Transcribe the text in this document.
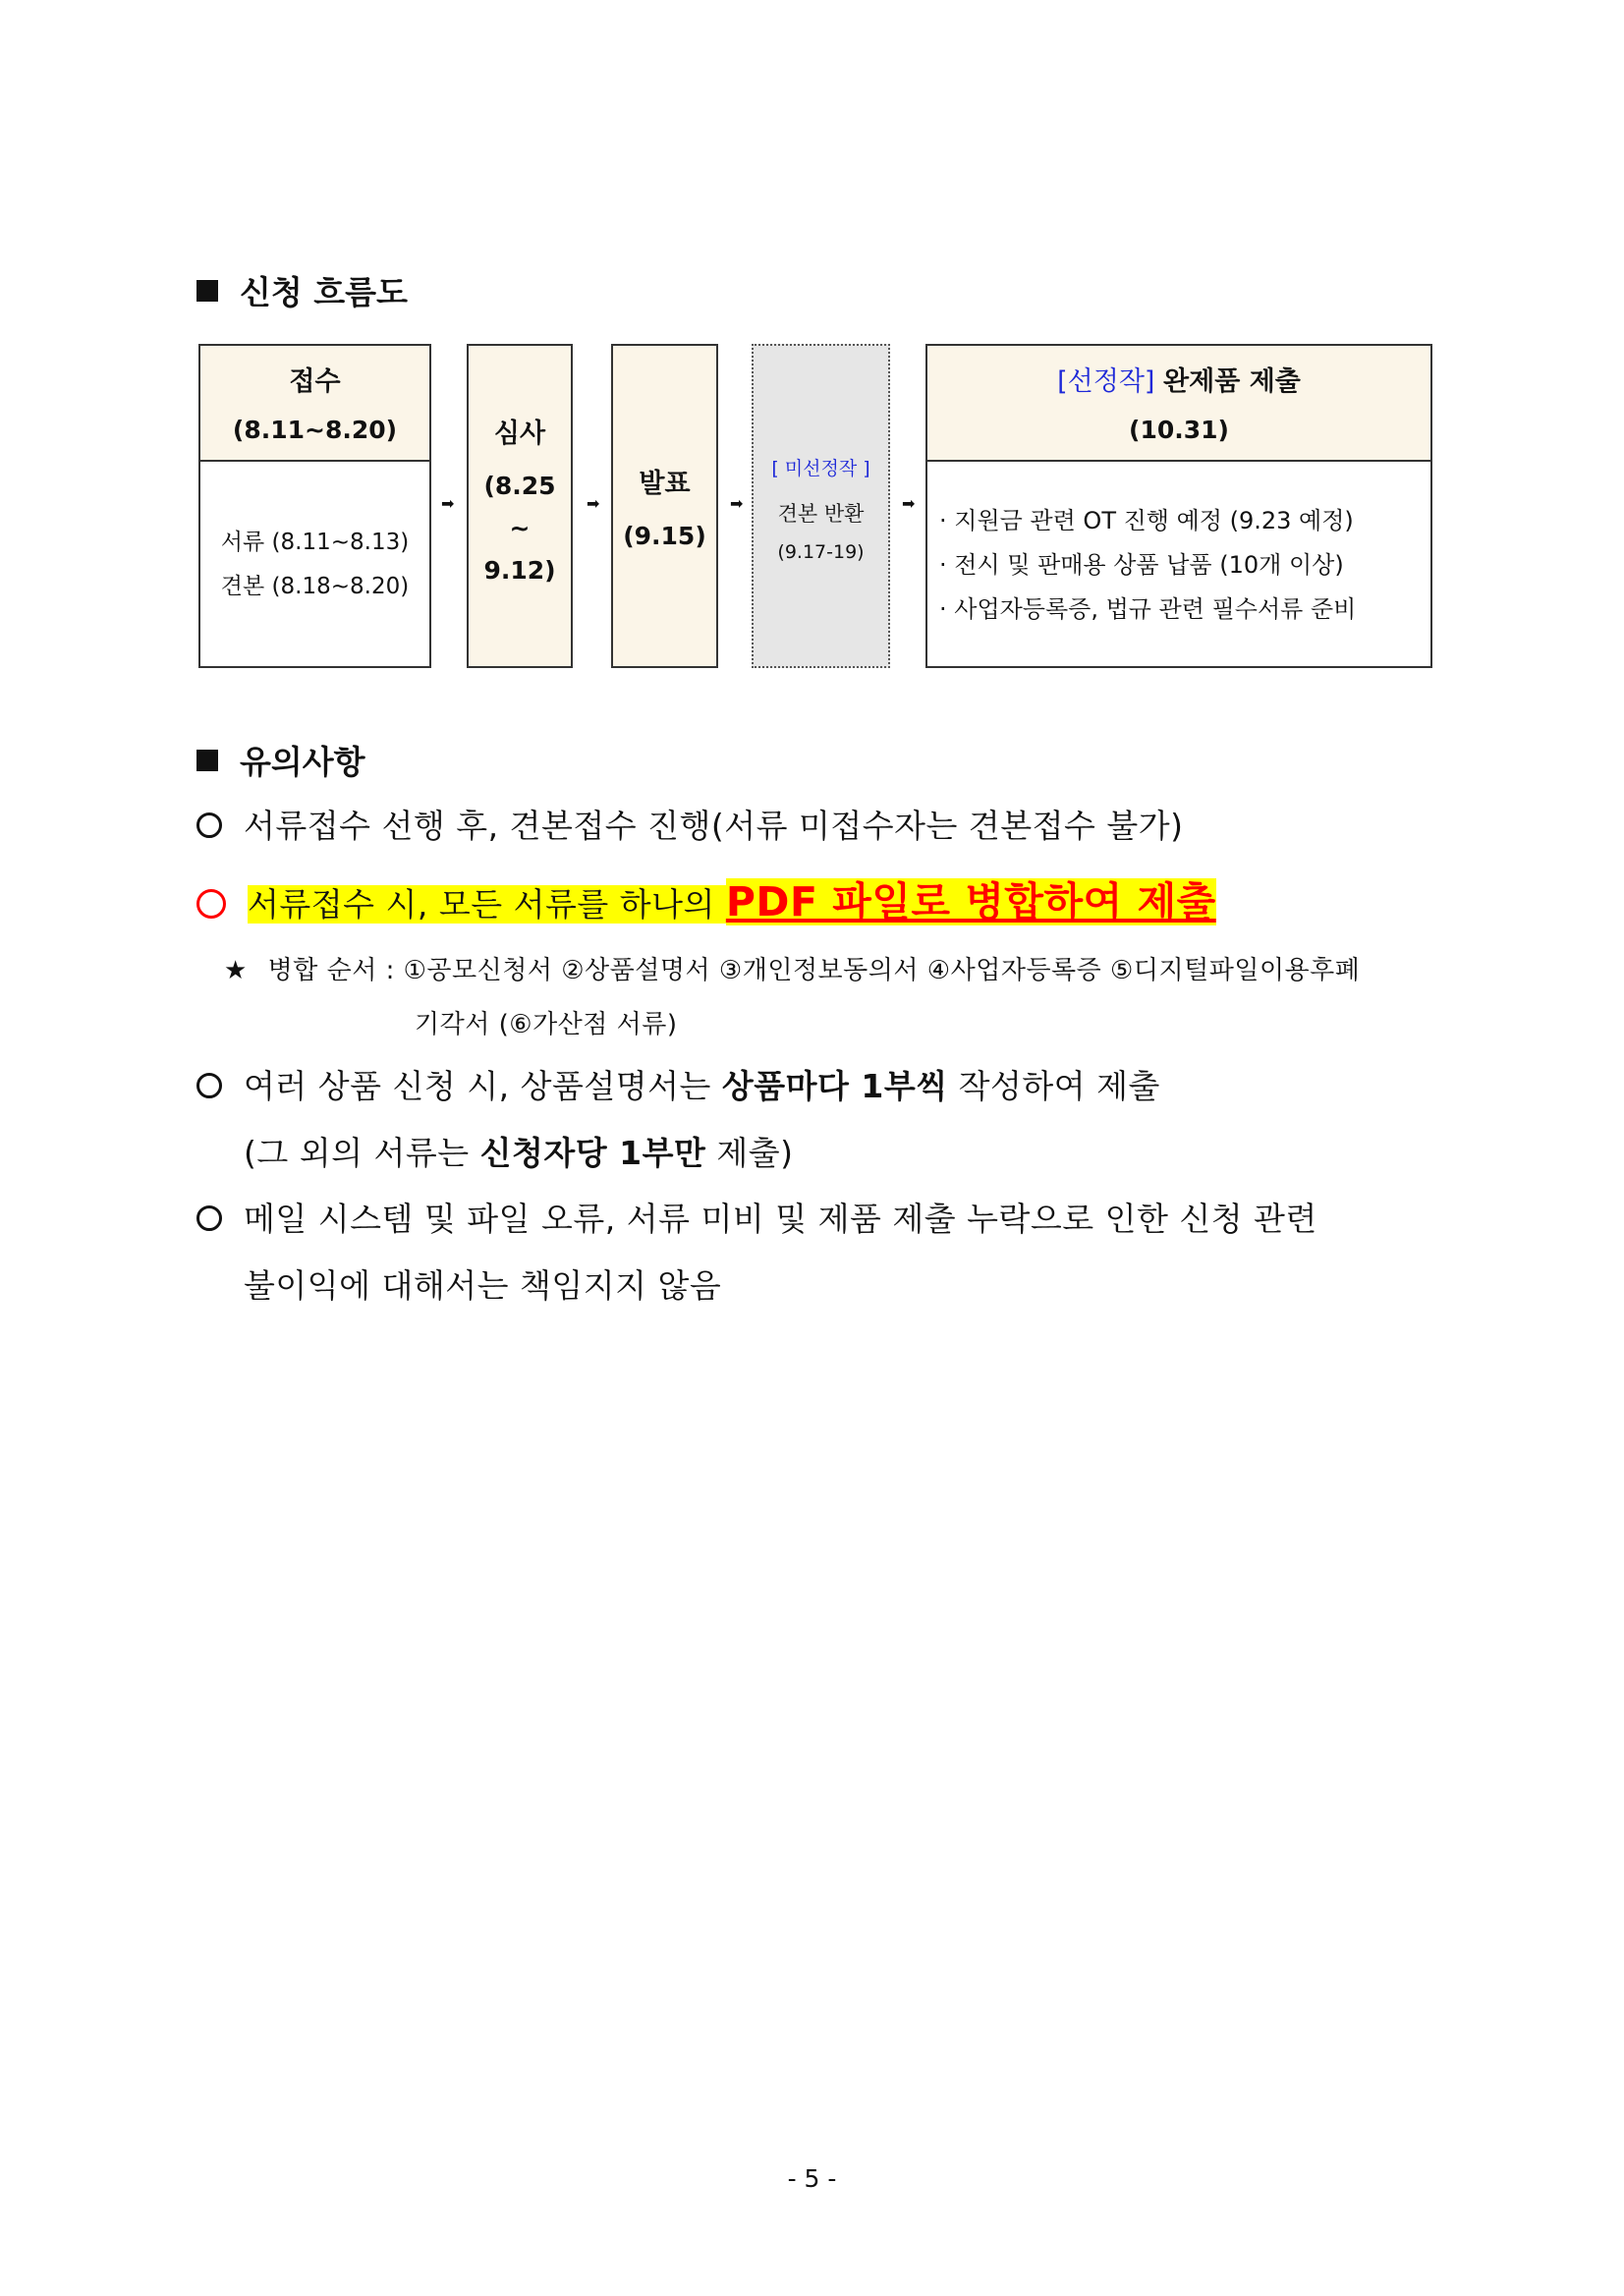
신청 흐름도
접수
(8.11~8.20)
서류 (8.11~8.13)
견본 (8.18~8.20)
➡
심사
(8.25
~
9.12)
➡
발표
(9.15)
➡
[ 미선정작 ]
견본 반환
(9.17-19)
➡
[선정작] 완제품 제출
(10.31)
· 지원금 관련 OT 진행 예정 (9.23 예정)
· 전시 및 판매용 상품 납품 (10개 이상)
· 사업자등록증, 법규 관련 필수서류 준비
유의사항
서류접수 선행 후, 견본접수 진행(서류 미접수자는 견본접수 불가)
서류접수 시, 모든 서류를 하나의 PDF 파일로 병합하여 제출
★ 병합 순서 : ①공모신청서 ②상품설명서 ③개인정보동의서 ④사업자등록증 ⑤디지털파일이용후폐
기각서 (⑥가산점 서류)
여러 상품 신청 시, 상품설명서는 상품마다 1부씩 작성하여 제출
(그 외의 서류는 신청자당 1부만 제출)
메일 시스템 및 파일 오류, 서류 미비 및 제품 제출 누락으로 인한 신청 관련
불이익에 대해서는 책임지지 않음
- 5 -
